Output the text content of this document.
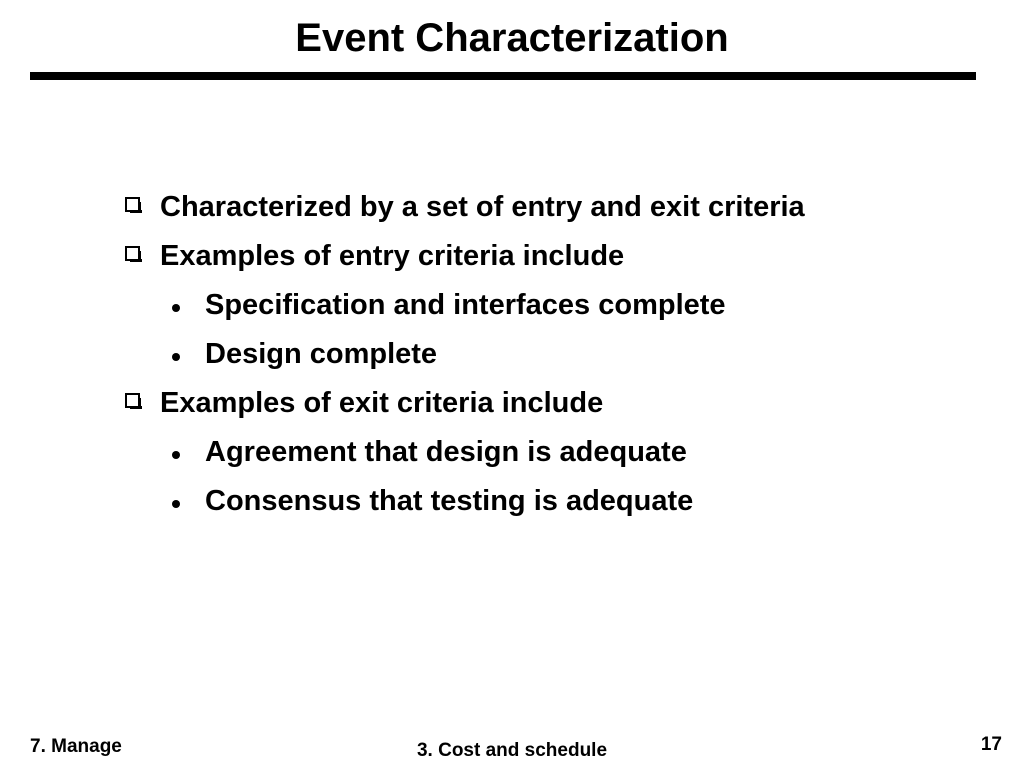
Event Characterization
Characterized by a set of entry and exit criteria
Examples of entry criteria include
Specification and interfaces complete
Design complete
Examples of exit criteria include
Agreement that design is adequate
Consensus that testing is adequate

7. Manage	3. Cost and schedule	17
